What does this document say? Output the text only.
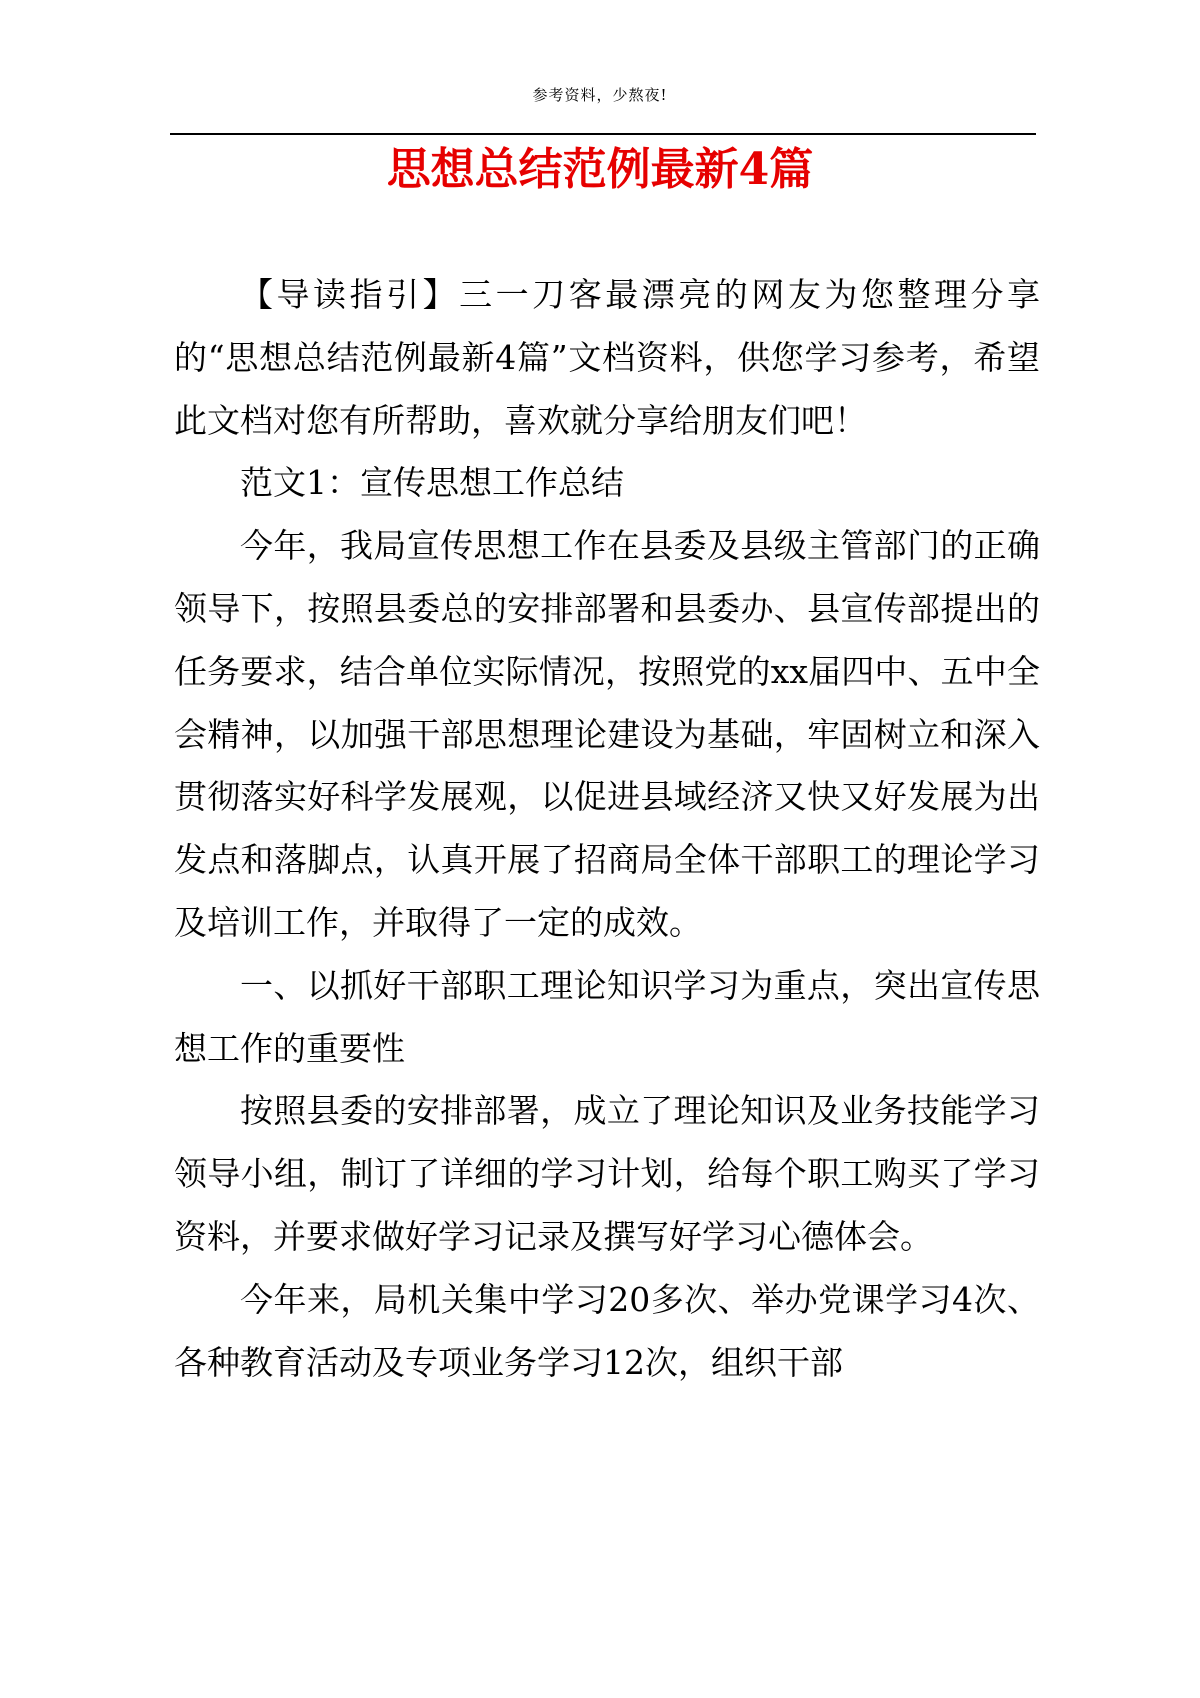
参考资料，少熬夜!
思想总结范例最新4篇

【导读指引】三一刀客最漂亮的网友为您整理分享的“思想总结范例最新4篇”文档资料，供您学习参考，希望此文档对您有所帮助，喜欢就分享给朋友们吧！

范文1：宣传思想工作总结

今年，我局宣传思想工作在县委及县级主管部门的正确领导下，按照县委总的安排部署和县委办、县宣传部提出的任务要求，结合单位实际情况，按照党的xx届四中、五中全会精神，以加强干部思想理论建设为基础，牢固树立和深入贯彻落实好科学发展观，以促进县域经济又快又好发展为出发点和落脚点，认真开展了招商局全体干部职工的理论学习及培训工作，并取得了一定的成效。

一、以抓好干部职工理论知识学习为重点，突出宣传思想工作的重要性

按照县委的安排部署，成立了理论知识及业务技能学习领导小组，制订了详细的学习计划，给每个职工购买了学习资料，并要求做好学习记录及撰写好学习心德体会。

今年来，局机关集中学习20多次、举办党课学习4次、各种教育活动及专项业务学习12次，组织干部
